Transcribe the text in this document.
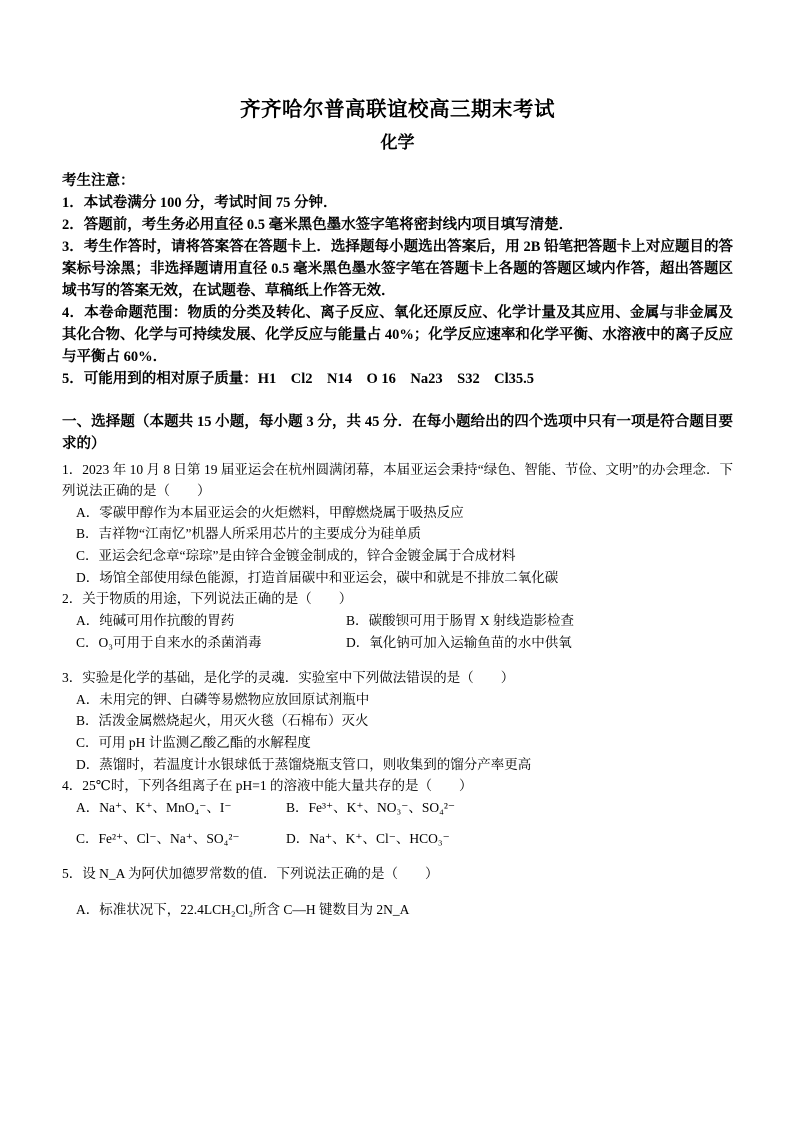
齐齐哈尔普高联谊校高三期末考试
化学
考生注意：

1．本试卷满分 100 分，考试时间 75 分钟．

2．答题前，考生务必用直径 0.5 毫米黑色墨水签字笔将密封线内项目填写清楚．

3．考生作答时，请将答案答在答题卡上．选择题每小题选出答案后，用 2B 铅笔把答题卡上对应题目的答案标号涂黑；非选择题请用直径 0.5 毫米黑色墨水签字笔在答题卡上各题的答题区域内作答，超出答题区域书写的答案无效，在试题卷、草稿纸上作答无效．

4．本卷命题范围：物质的分类及转化、离子反应、氧化还原反应、化学计量及其应用、金属与非金属及其化合物、化学与可持续发展、化学反应与能量占 40%；化学反应速率和化学平衡、水溶液中的离子反应与平衡占 60%．

5．可能用到的相对原子质量：H1　Cl2　N14　O 16　Na23　S32　Cl35.5

一、选择题（本题共 15 小题，每小题 3 分，共 45 分．在每小题给出的四个选项中只有一项是符合题目要求的）

1．2023 年 10 月 8 日第 19 届亚运会在杭州圆满闭幕，本届亚运会秉持“绿色、智能、节俭、文明”的办会理念．下列说法正确的是（　　）

A．零碳甲醇作为本届亚运会的火炬燃料，甲醇燃烧属于吸热反应

B．吉祥物“江南忆”机器人所采用芯片的主要成分为硅单质

C．亚运会纪念章“琮琮”是由锌合金镀金制成的，锌合金镀金属于合成材料

D．场馆全部使用绿色能源，打造首届碳中和亚运会，碳中和就是不排放二氧化碳

2．关于物质的用途，下列说法正确的是（　　）

A．纯碱可用作抗酸的胃药	B．碳酸钡可用于肠胃 X 射线造影检查
C．O₃可用于自来水的杀菌消毒	D．氧化钠可加入运输鱼苗的水中供氧

3．实验是化学的基础，是化学的灵魂．实验室中下列做法错误的是（　　）

A．未用完的钾、白磷等易燃物应放回原试剂瓶中

B．活泼金属燃烧起火，用灭火毯（石棉布）灭火

C．可用 pH 计监测乙酸乙酯的水解程度

D．蒸馏时，若温度计水银球低于蒸馏烧瓶支管口，则收集到的馏分产率更高

4．25℃时，下列各组离子在 pH=1 的溶液中能大量共存的是（　　）

A．Na⁺、K⁺、MnO₄⁻、I⁻	B．Fe³⁺、K⁺、NO₃⁻、SO₄²⁻
C．Fe²⁺、Cl⁻、Na⁺、SO₄²⁻	D．Na⁺、K⁺、Cl⁻、HCO₃⁻

5．设 N_A 为阿伏加德罗常数的值．下列说法正确的是（　　）

A．标准状况下，22.4LCH₂Cl₂所含 C—H 键数目为 2N_A
